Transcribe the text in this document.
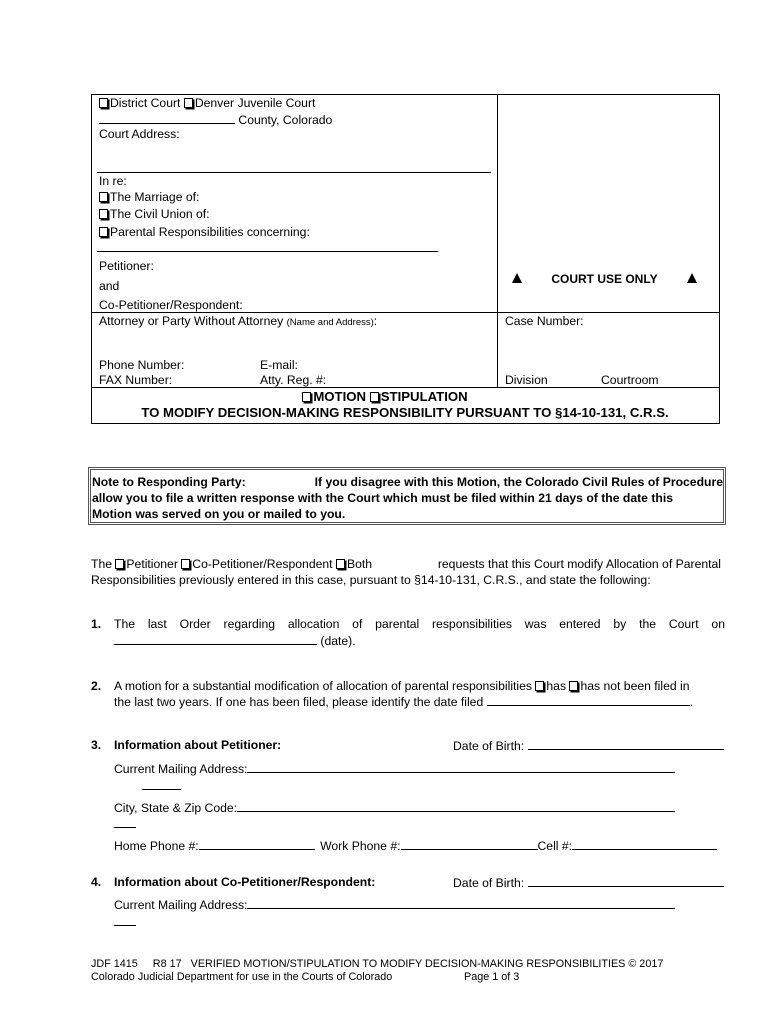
District Court Denver Juvenile Court
County, Colorado
Court Address:
In re:
The Marriage of:
The Civil Union of:
Parental Responsibilities concerning:
Petitioner:
and
Co-Petitioner/Respondent:
COURT USE ONLY
Attorney or Party Without Attorney (Name and Address):	Case Number:
Phone Number:	E-mail:
FAX Number:	Atty. Reg. #:	Division	Courtroom
MOTION STIPULATION
TO MODIFY DECISION-MAKING RESPONSIBILITY PURSUANT TO §14-10-131, C.R.S.
Note to Responding Party:	If you disagree with this Motion, the Colorado Civil Rules of Procedure
allow you to file a written response with the Court which must be filed within 21 days of the date this
Motion was served on you or mailed to you.
The Petitioner Co-Petitioner/Respondent Both	requests that this Court modify Allocation of Parental
Responsibilities previously entered in this case, pursuant to §14-10-131, C.R.S., and state the following:
1. The last Order regarding allocation of parental responsibilities was entered by the Court on
(date).
2. A motion for a substantial modification of allocation of parental responsibilities has has not been filed in
the last two years. If one has been filed, please identify the date filed	.
3. Information about Petitioner:	Date of Birth:
Current Mailing Address:
City, State & Zip Code:
Home Phone #:	Work Phone #:	Cell #:
4. Information about Co-Petitioner/Respondent:	Date of Birth:
Current Mailing Address:
JDF 1415     R8 17   VERIFIED MOTION/STIPULATION TO MODIFY DECISION-MAKING RESPONSIBILITIES © 2017
Colorado Judicial Department for use in the Courts of Colorado	Page 1 of 3
